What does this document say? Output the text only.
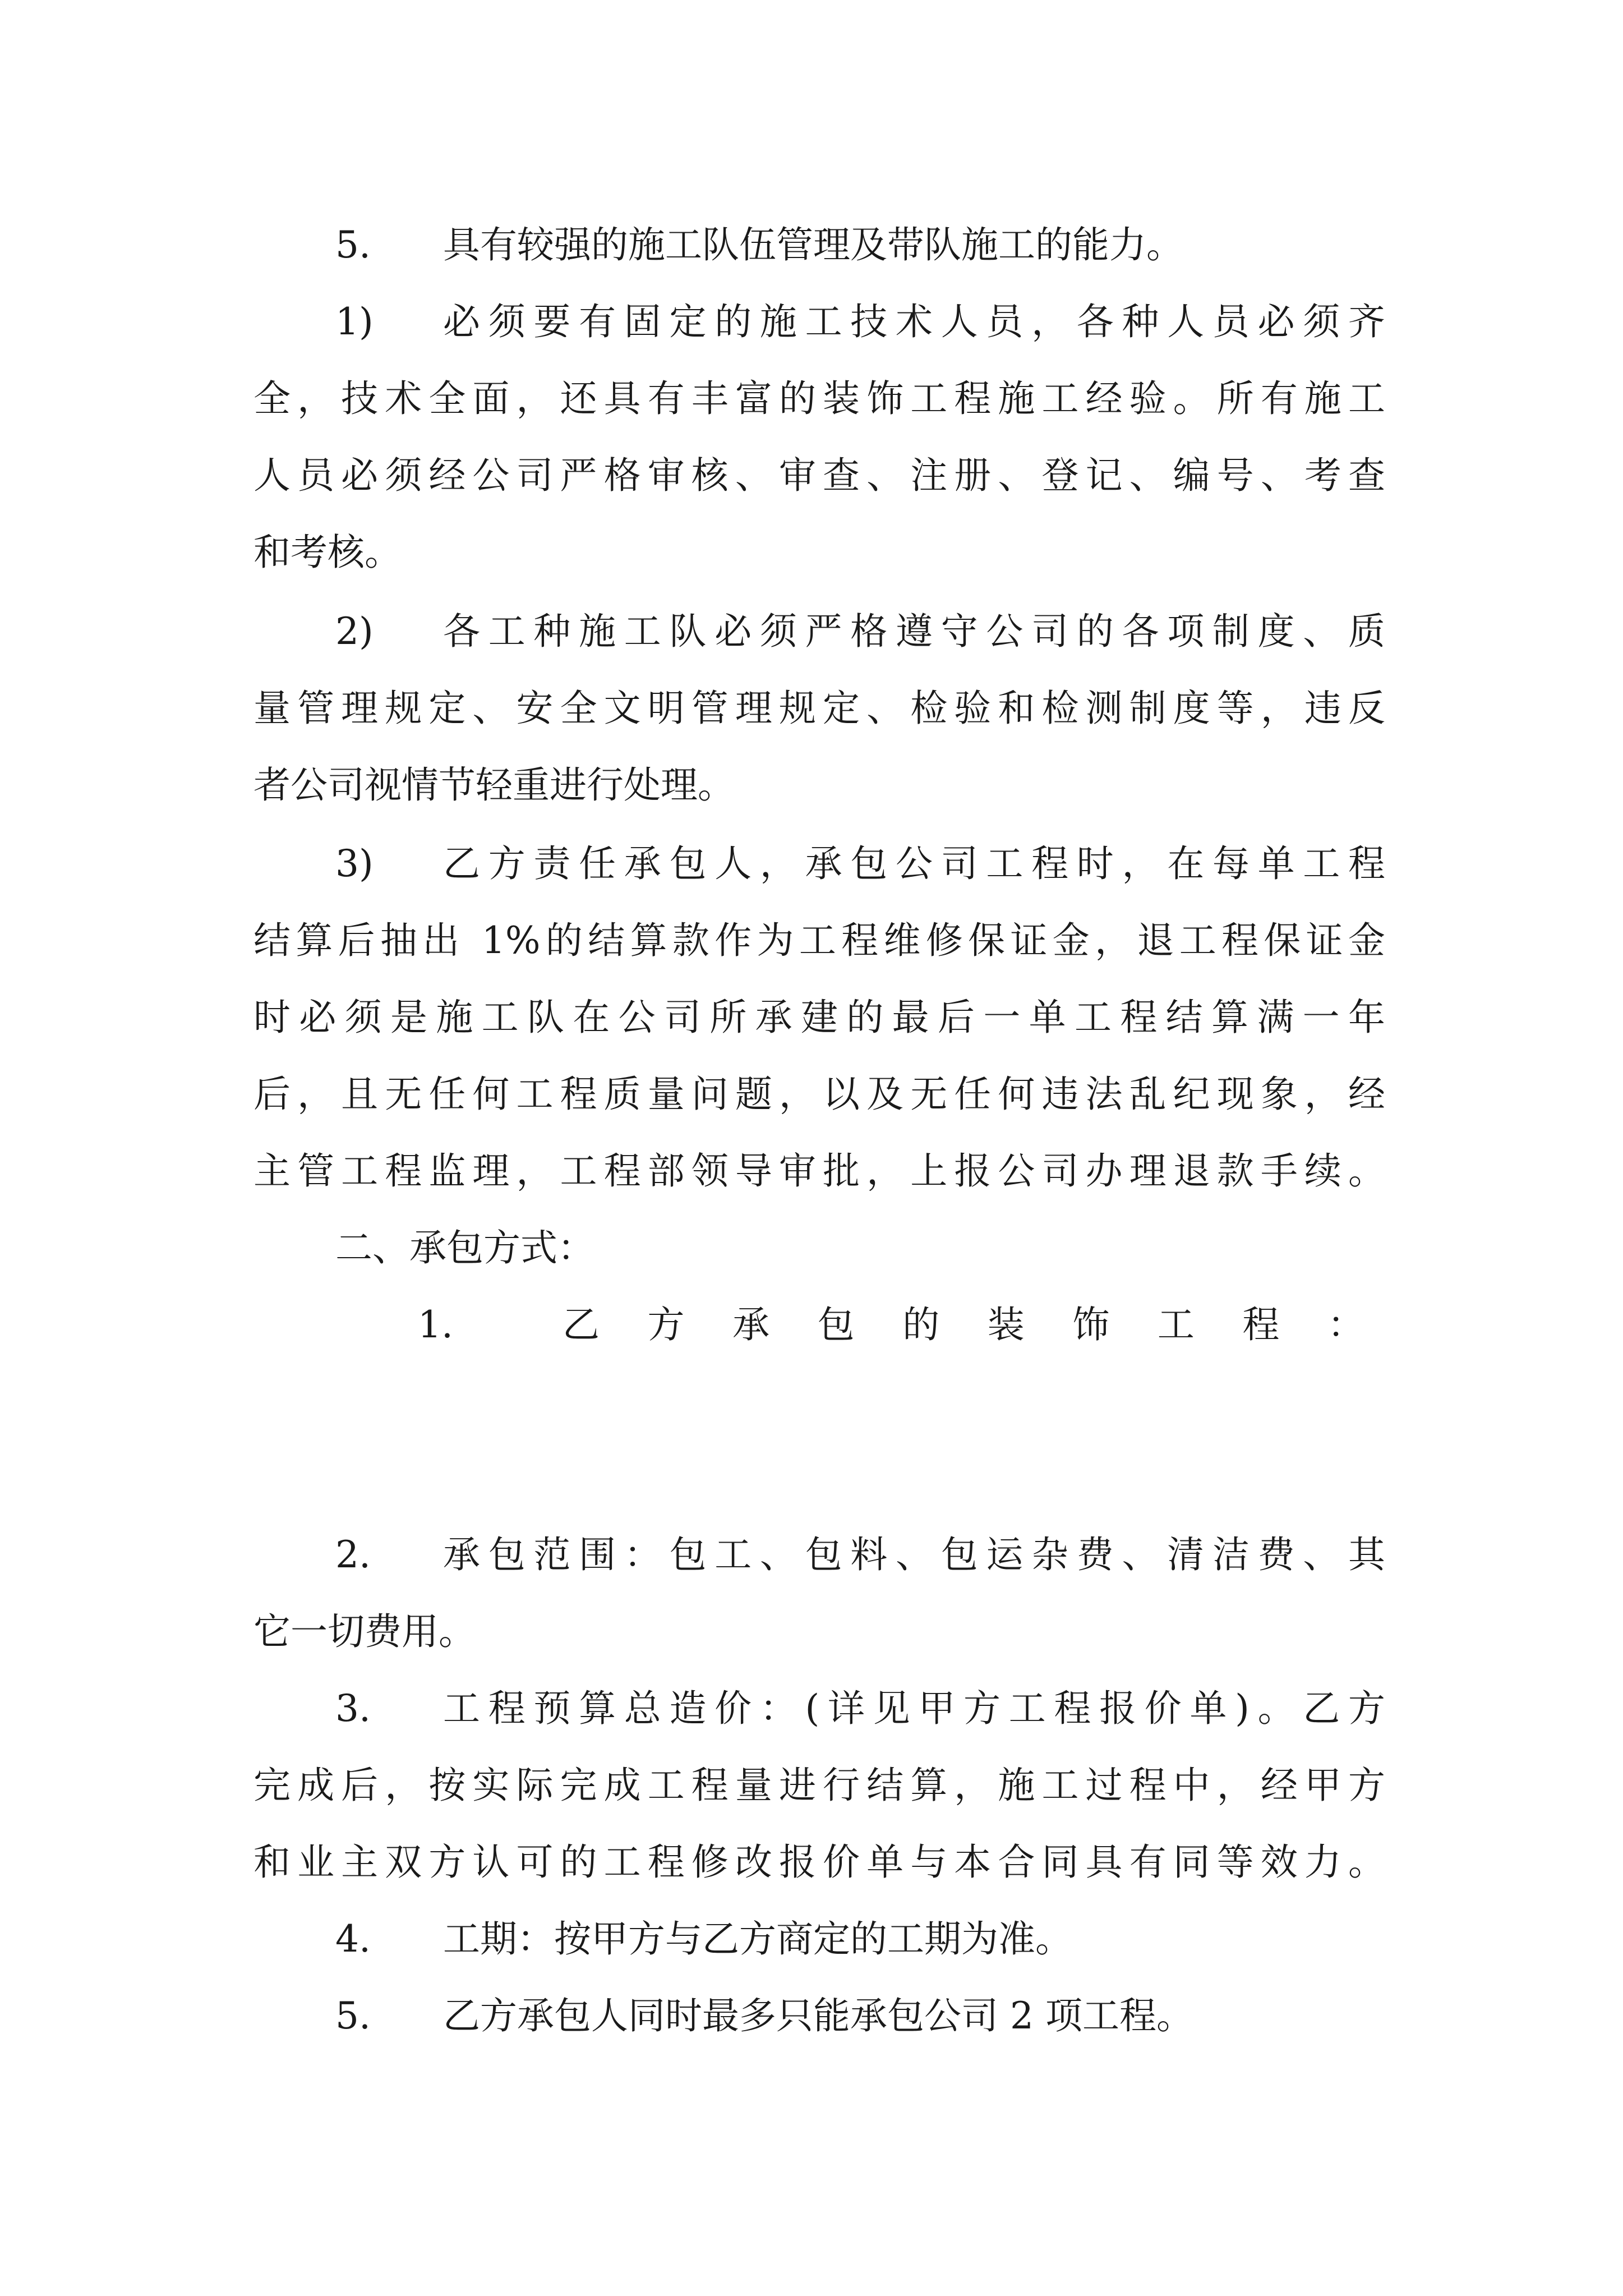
5. 具有较强的施工队伍管理及带队施工的能力。
1) 必须要有固定的施工技术人员，各种人员必须齐
全，技术全面，还具有丰富的装饰工程施工经验。所有施工
人员必须经公司严格审核、审查、注册、登记、编号、考查
和考核。
2) 各工种施工队必须严格遵守公司的各项制度、质
量管理规定、安全文明管理规定、检验和检测制度等，违反
者公司视情节轻重进行处理。
3) 乙方责任承包人，承包公司工程时，在每单工程
结算后抽出 1%的结算款作为工程维修保证金，退工程保证金
时必须是施工队在公司所承建的最后一单工程结算满一年
后，且无任何工程质量问题，以及无任何违法乱纪现象，经
主管工程监理，工程部领导审批，上报公司办理退款手续。
二、承包方式：
1.	乙 方 承 包 的 装 饰 工 程 ：
2. 承包范围：包工、包料、包运杂费、清洁费、其
它一切费用。
3. 工程预算总造价：(详见甲方工程报价单)。乙方
完成后，按实际完成工程量进行结算，施工过程中，经甲方
和业主双方认可的工程修改报价单与本合同具有同等效力。
4. 工期：按甲方与乙方商定的工期为准。
5. 乙方承包人同时最多只能承包公司 2 项工程。
